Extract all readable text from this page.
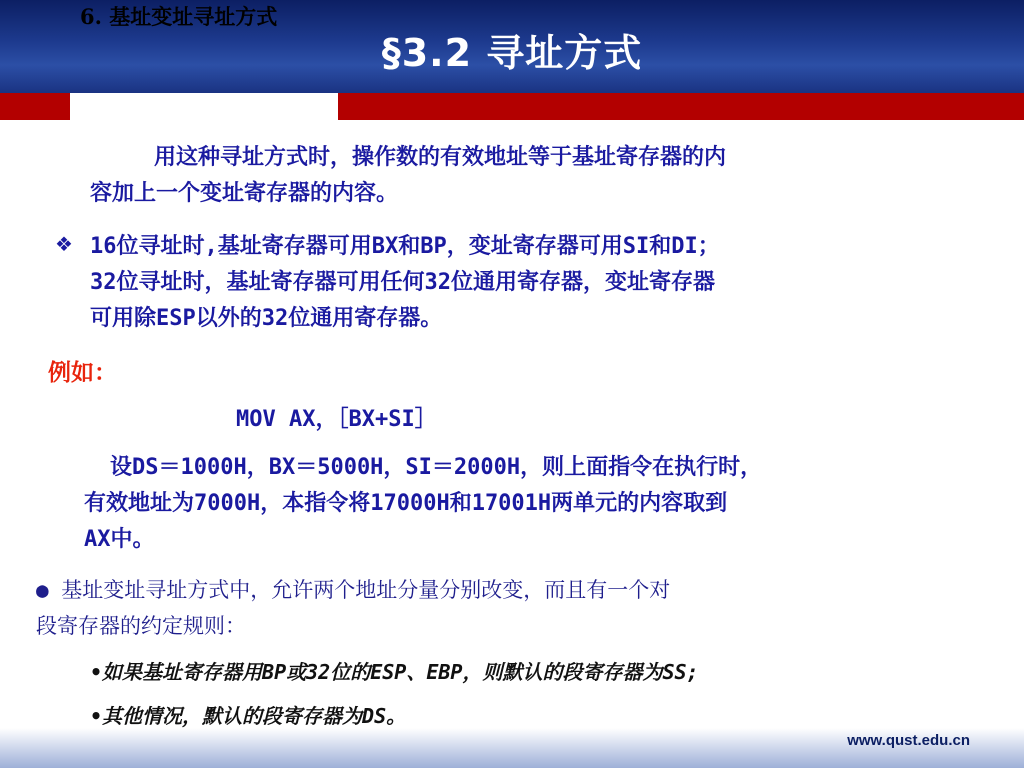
§3.2 寻址方式
6. 基址变址寻址方式
用这种寻址方式时，操作数的有效地址等于基址寄存器的内
容加上一个变址寄存器的内容。
❖ 16位寻址时,基址寄存器可用BX和BP，变址寄存器可用SI和DI；
32位寻址时，基址寄存器可用任何32位通用寄存器，变址寄存器
可用除ESP以外的32位通用寄存器。
例如：
MOV AX，［BX+SI］
设DS＝1000H，BX＝5000H，SI＝2000H，则上面指令在执行时，
有效地址为7000H，本指令将17000H和17001H两单元的内容取到
AX中。
● 基址变址寻址方式中，允许两个地址分量分别改变，而且有一个对
段寄存器的约定规则：
•如果基址寄存器用BP或32位的ESP、EBP，则默认的段寄存器为SS;
•其他情况，默认的段寄存器为DS。
www.qust.edu.cn
